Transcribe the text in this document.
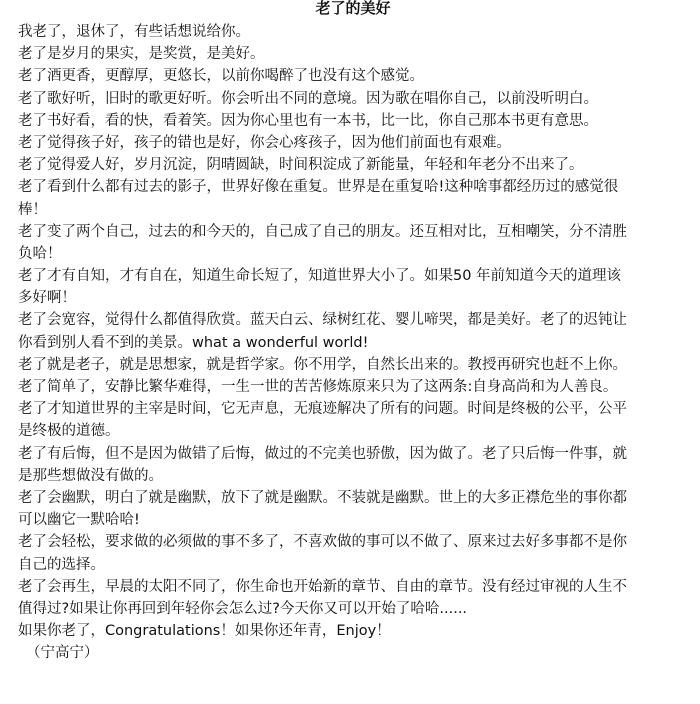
老了的美好
我老了，退休了，有些话想说给你。
老了是岁月的果实，是奖赏，是美好。
老了酒更香，更醇厚，更悠长，以前你喝醉了也没有这个感觉。
老了歌好听，旧时的歌更好听。你会听出不同的意境。因为歌在唱你自己，以前没听明白。
老了书好看，看的快，看着笑。因为你心里也有一本书，比一比，你自己那本书更有意思。
老了觉得孩子好，孩子的错也是好，你会心疼孩子，因为他们前面也有艰难。
老了觉得爱人好，岁月沉淀，阴晴圆缺，时间积淀成了新能量，年轻和年老分不出来了。
老了看到什么都有过去的影子，世界好像在重复。世界是在重复哈!这种啥事都经历过的感觉很
棒！
老了变了两个自己，过去的和今天的，自己成了自己的朋友。还互相对比，互相嘲笑，分不清胜
负哈！
老了才有自知，才有自在，知道生命长短了，知道世界大小了。如果50 年前知道今天的道理该
多好啊！
老了会宽容，觉得什么都值得欣赏。蓝天白云、绿树红花、婴儿啼哭，都是美好。老了的迟钝让
你看到别人看不到的美景。what a wonderful world!
老了就是老子，就是思想家，就是哲学家。你不用学，自然长出来的。教授再研究也赶不上你。
老了简单了，安静比繁华难得，一生一世的苦苦修炼原来只为了这两条:自身高尚和为人善良。
老了才知道世界的主宰是时间，它无声息，无痕迹解决了所有的问题。时间是终极的公平，公平
是终极的道德。
老了有后悔，但不是因为做错了后悔，做过的不完美也骄傲，因为做了。老了只后悔一件事，就
是那些想做没有做的。
老了会幽默，明白了就是幽默，放下了就是幽默。不装就是幽默。世上的大多正襟危坐的事你都
可以幽它一默哈哈!
老了会轻松，要求做的必须做的事不多了，不喜欢做的事可以不做了、原来过去好多事都不是你
自己的选择。
老了会再生，早晨的太阳不同了，你生命也开始新的章节、自由的章节。没有经过审视的人生不
值得过?如果让你再回到年轻你会怎么过?今天你又可以开始了哈哈......
如果你老了，Congratulations！如果你还年青，Enjoy！
（宁高宁）
